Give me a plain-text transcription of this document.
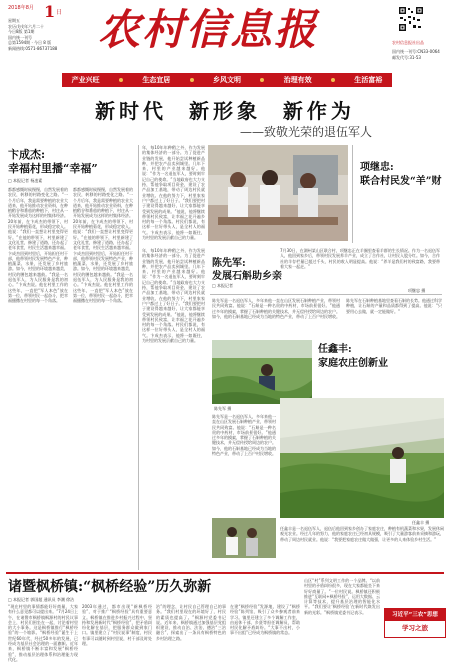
2018年8月 1 日
星期五
农历戊戌年六月二十
今日8版 第1期
国内统一刊号
总第1594期 · 今日 8 版
新闻热线:0571-86737188 农村信息报	农村信息报社出品
国内统一刊号:CN33-0064
邮发代号:31-53
产业兴旺	生态宜居	乡风文明	治理有效	生活富裕
新时代  新形象  新作为
——致敬光荣的退伍军人
卞成杰:
幸福村里播“幸福”
□ 本报记者 杨凌素
都都感慨时候慢慢，自然发展着的农民，转移的村路变化之路。“一个月后年，我是需要种植的农业大道来，他开始推动农业资料，在种植稻谷和番茄的种植下，村庄从一开始发展成为这样的村集体经济。20年前，在卞成杰的带领下，村民开始种植菊花，形成稳定收入。他说：“我们一直想让村里变得更好。”在他的带领下，村里新建了文化礼堂，修建了道路，还办起了老年食堂，村民生活越来越幸福。卞成杰回到村里后，开始担任村干部，他带领村民发展特色产业，种植蔬菜、水果，还发展了乡村旅游。如今，村里的环境越来越美，村民的腰包越来越鼓。“我是一名退伍军人，为人民服务是我的初心。”卞成杰说。他在村里工作的这些年，一直把“军人本色”放在第一位，带领村民一起奋斗，把幸福播撒在村里的每一个角落。
都都感慨时候慢慢，自然发展着的农民，转移的村路变化之路。“一个月后年，我是需要种植的农业大道来，他开始推动农业资料，在种植稻谷和番茄的种植下，村庄从一开始发展成为这样的村集体经济。20年前，在卞成杰的带领下，村民开始种植菊花，形成稳定收入。他说：“我们一直想让村里变得更好。”在他的带领下，村里新建了文化礼堂，修建了道路，还办起了老年食堂，村民生活越来越幸福。卞成杰回到村里后，开始担任村干部，他带领村民发展特色产业，种植蔬菜、水果，还发展了乡村旅游。如今，村里的环境越来越美，村民的腰包越来越鼓。“我是一名退伍军人，为人民服务是我的初心。”卞成杰说。他在村里工作的这些年，一直把“军人本色”放在第一位，带领村民一起奋斗，把幸福播撒在村里的每一个角落。
年，每10年年种稻之外，作为发展的集体经济的一部分。为了促进产业链的发展，他开始尝试种植新品种，并把农产品卖到城里。几年下来，村里的产业越来越好。他说：“作为一名退伍军人，要时刻牢记自己的使命。”当地政府也大力支持，帮他争取项目资金，建设了农产品加工基地，带动了周边村民就业增收。在他的努力下，村里家家户户都过上了好日子。“我们要把村子建设得越来越好，让大家都能享受到发展的成果。”他说，他将继续带领村民致富，让幸福之花开遍乡村的每一个角落。村民们都说，有这样一位好带头人，是全村人的福气。卞成杰表示，他将一如既往，为村里的发展贡献自己的力量。
项继忠:
联合村民发“羊”财
年，每10年年种稻之外，作为发展的集体经济的一部分。为了促进产业链的发展，他开始尝试种植新品种，并把农产品卖到城里。几年下来，村里的产业越来越好。他说：“作为一名退伍军人，要时刻牢记自己的使命。”当地政府也大力支持，帮他争取项目资金，建设了农产品加工基地，带动了周边村民就业增收。在他的努力下，村里家家户户都过上了好日子。“我们要把村子建设得越来越好，让大家都能享受到发展的成果。”他说，他将继续带领村民致富，让幸福之花开遍乡村的每一个角落。村民们都说，有这样一位好带头人，是全村人的福气。卞成杰表示，他将一如既往，为村里的发展贡献自己的力量。
陈先军:
发展石斛助乡亲
□ 本报记者
7月30日，在湖州某山区联合村，项继忠正在羊圈里查看羊群的生长情况。作为一名退伍军人，他回到家乡后，带领村民发展养羊产业，成立了合作社，让村民入股分红。如今，合作社的羊存栏量已超过千头，村民的收入明显提高。他说：“养羊是我们村的致富路，我要带着大家一起走。”
项继忠 摄
陈先军是一名退伍军人，多年来他一直在山区发展石斛种植产业，带领村民共同致富。他说：“石斛是一种名贵的中药材，市场前景很好。”他通过多年的摸索，掌握了石斛种植的关键技术，并无偿传授给周边的农户。如今，他的石斛基地已经成为当地的特色产业，带动了上百户村民增收。
陈先军在石斛种植基地里查看石斛的长势。他通过科学种植，让石斛的产量和品质都得到了提高。他说：“只要用心去做，就一定能做好。”
陈先军 摄
任鑫丰:
家庭农庄创新业
任鑫丰 摄
陈先军是一名退伍军人，多年来他一直在山区发展石斛种植产业，带领村民共同致富。他说：“石斛是一种名贵的中药材，市场前景很好。”他通过多年的摸索，掌握了石斛种植的关键技术，并无偿传授给周边的农户。如今，他的石斛基地已经成为当地的特色产业，带动了上百户村民增收。
任鑫丰是一名退伍军人，退伍后他回到家乡创办了家庭农庄，种植有机蔬菜和水果，发展休闲观光农业。经过几年的努力，他的家庭农庄已经初具规模，吸引了大量游客前来采摘和游玩，带动了周边村民就业。他说：“我要把家庭农庄做大做强，让更多的人来体验乡村生活。”
诸暨枫桥镇:“枫桥经验”历久弥新
□ 本报记者 郭国超 通讯员 李潮 徐洁
“现在村里的事情都能好好商量，大家有什么意见都可以提出来。”7月24日上午，在诸暨市枫桥镇枫源村的村民议事会上，村民们围坐在一起，讨论着村里的大小事务。这是枫桥镇推行“枫桥经验”的一个缩影。“枫桥经验”诞生于上世纪60年代，经过50多年的发展，已经成为基层社会治理的一面旗帜。近年来，枫桥镇不断丰富和发展“枫桥经验”，推动基层治理体系和治理能力现代化。
2003年通过，都市出现“新枫桥经验”，对于推广“枫桥经验”具有重要意义。枫桥镇在推进乡村振兴过程中，坚持和发展新时代“枫桥经验”，把矛盾纠纷化解在基层，把服务群众做到家门口。镇里建立了“村民说事”制度，村民有事可以随时到村里说，村干部及时处理。
治”的理念，让村民自己管理自己的事务。“我们村里现在的环境好了，村民的素质也提高了。”枫源村党委书记说。近年来，枫桥镇通过加强基层党组织建设，推动自治、法治、德治“三治融合”，探索出了一条具有枫桥特色的乡村治理之路。
在建“枫桥经验”发源地，建设了“枫桥经验”陈列馆，吸引了众多参观者前来学习。镇里还建立了多个调解工作室，由退休干部、乡贤等担任调解员，帮助村民化解矛盾纠纷。“大事不出村，小事不出组”已经成为枫桥镇的常态。
山区“村”系列文明工作的一个品牌。“以前村里的矛盾纠纷很多，现在大家都能坐下来好好商量了。”一位村民说。枫桥镇还积极推进“互联网+枫桥经验”，运用大数据、云计算等技术，提升基层治理的智能化水平。“我们要让‘枫桥经验’在新时代焕发出新的光彩。”枫桥镇党委书记表示。	习近平“三农”思想
学习之旅
